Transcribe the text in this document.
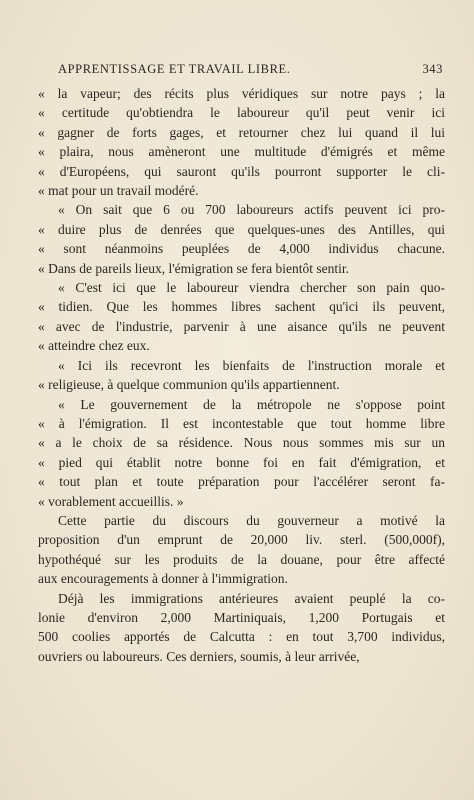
APPRENTISSAGE ET TRAVAIL LIBRE.	343
« la vapeur; des récits plus véridiques sur notre pays ; la
« certitude qu'obtiendra le laboureur qu'il peut venir ici
« gagner de forts gages, et retourner chez lui quand il lui
« plaira, nous amèneront une multitude d'émigrés et même
« d'Européens, qui sauront qu'ils pourront supporter le cli-
« mat pour un travail modéré.
« On sait que 6 ou 700 laboureurs actifs peuvent ici pro-
« duire plus de denrées que quelques-unes des Antilles, qui
« sont néanmoins peuplées de 4,000 individus chacune.
« Dans de pareils lieux, l'émigration se fera bientôt sentir.
« C'est ici que le laboureur viendra chercher son pain quo-
« tidien. Que les hommes libres sachent qu'ici ils peuvent,
« avec de l'industrie, parvenir à une aisance qu'ils ne peuvent
« atteindre chez eux.
« Ici ils recevront les bienfaits de l'instruction morale et
« religieuse, à quelque communion qu'ils appartiennent.
« Le gouvernement de la métropole ne s'oppose point
« à l'émigration. Il est incontestable que tout homme libre
« a le choix de sa résidence. Nous nous sommes mis sur un
« pied qui établit notre bonne foi en fait d'émigration, et
« tout plan et toute préparation pour l'accélérer seront fa-
« vorablement accueillis. »
Cette partie du discours du gouverneur a motivé la
proposition d'un emprunt de 20,000 liv. sterl. (500,000f),
hypothéqué sur les produits de la douane, pour être affecté
aux encouragements à donner à l'immigration.
Déjà les immigrations antérieures avaient peuplé la co-
lonie d'environ 2,000 Martiniquais, 1,200 Portugais et
500 coolies apportés de Calcutta : en tout 3,700 individus,
ouvriers ou laboureurs. Ces derniers, soumis, à leur arrivée,
